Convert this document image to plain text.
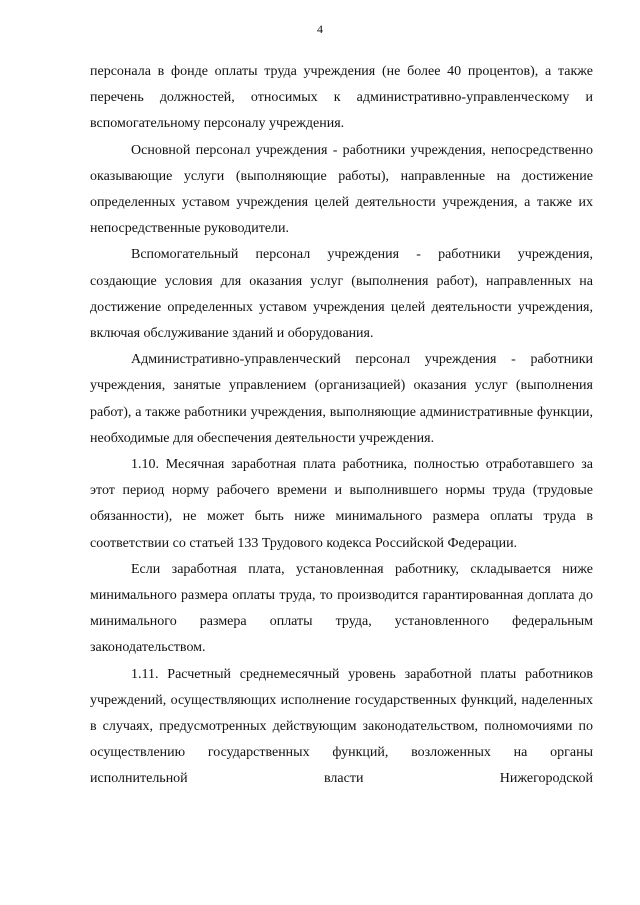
4

персонала в фонде оплаты труда учреждения (не более 40 процентов), а также перечень должностей, относимых к административно-управленческому и вспомогательному персоналу учреждения.

Основной персонал учреждения - работники учреждения, непосредственно оказывающие услуги (выполняющие работы), направленные на достижение определенных уставом учреждения целей деятельности учреждения, а также их непосредственные руководители.

Вспомогательный персонал учреждения - работники учреждения, создающие условия для оказания услуг (выполнения работ), направленных на достижение определенных уставом учреждения целей деятельности учреждения, включая обслуживание зданий и оборудования.

Административно-управленческий персонал учреждения - работники учреждения, занятые управлением (организацией) оказания услуг (выполнения работ), а также работники учреждения, выполняющие административные функции, необходимые для обеспечения деятельности учреждения.

1.10. Месячная заработная плата работника, полностью отработавшего за этот период норму рабочего времени и выполнившего нормы труда (трудовые обязанности), не может быть ниже минимального размера оплаты труда в соответствии со статьей 133 Трудового кодекса Российской Федерации.

Если заработная плата, установленная работнику, складывается ниже минимального размера оплаты труда, то производится гарантированная доплата до минимального размера оплаты труда, установленного федеральным законодательством.

1.11. Расчетный среднемесячный уровень заработной платы работников учреждений, осуществляющих исполнение государственных функций, наделенных в случаях, предусмотренных действующим законодательством, полномочиями по осуществлению государственных функций, возложенных на органы исполнительной власти Нижегородской
